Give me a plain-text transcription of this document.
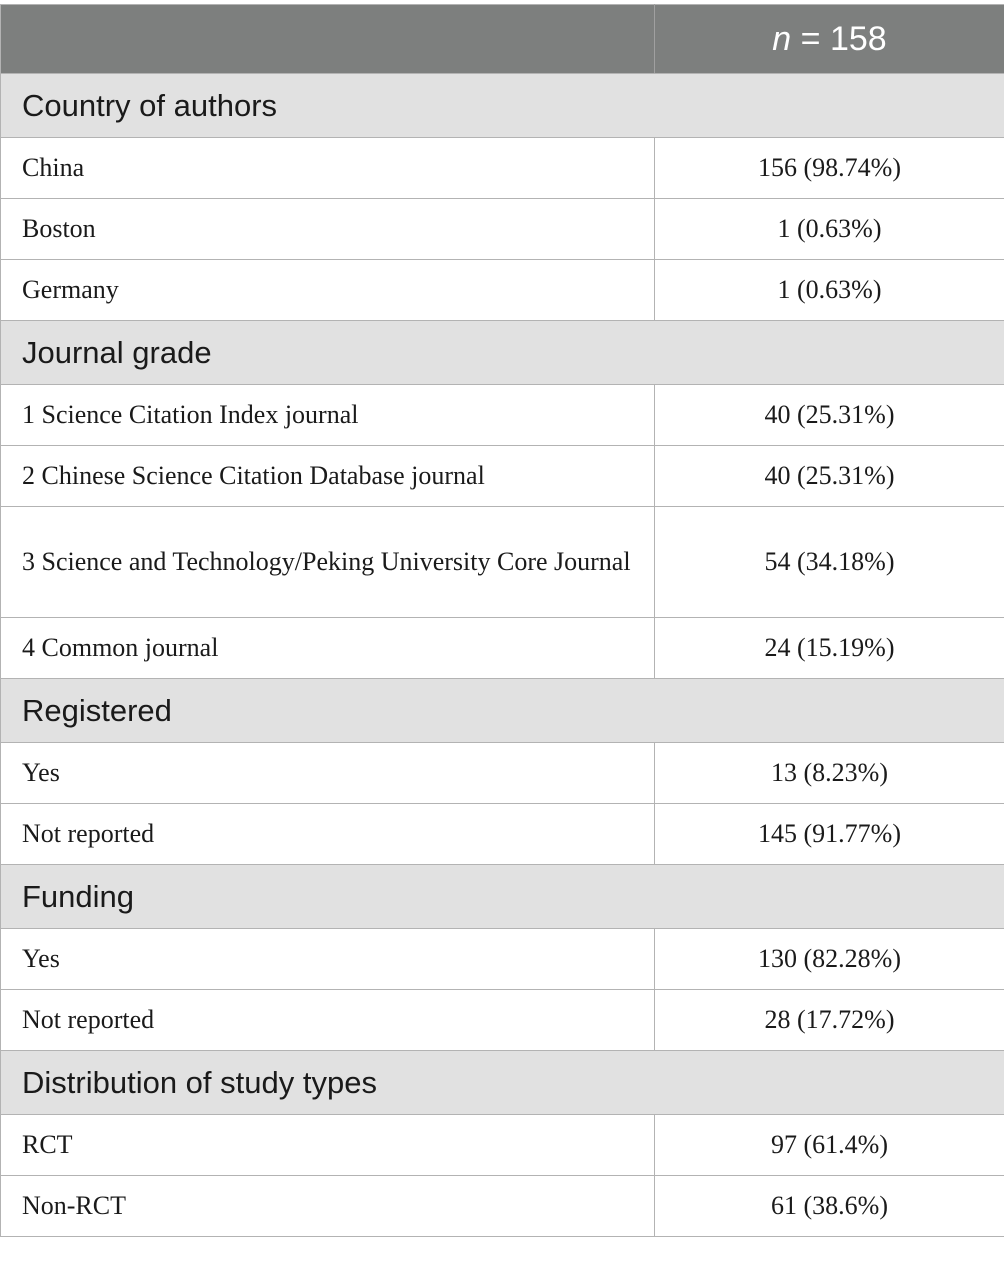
	n = 158
Country of authors	
China	156 (98.74%)
Boston	1 (0.63%)
Germany	1 (0.63%)
Journal grade	
1 Science Citation Index journal	40 (25.31%)
2 Chinese Science Citation Database journal	40 (25.31%)
3 Science and Technology/Peking University Core Journal	54 (34.18%)
4 Common journal	24 (15.19%)
Registered	
Yes	13 (8.23%)
Not reported	145 (91.77%)
Funding	
Yes	130 (82.28%)
Not reported	28 (17.72%)
Distribution of study types	
RCT	97 (61.4%)
Non-RCT	61 (38.6%)
